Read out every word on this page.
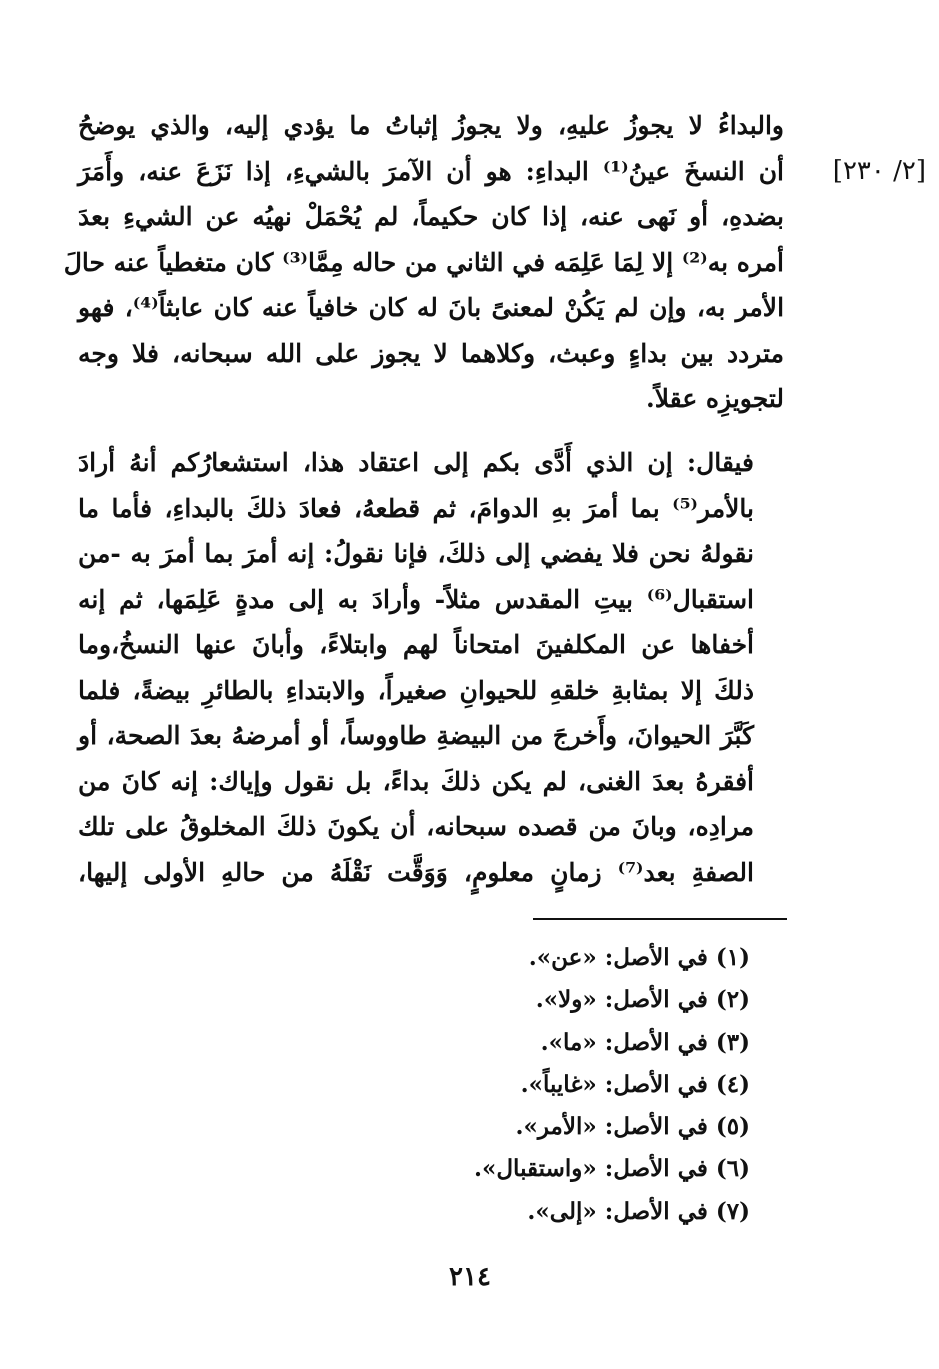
[٢/ ٢٣٠]
والبداءُ لا يجوزُ عليهِ، ولا يجوزُ إثباتُ ما يؤدي إليه، والذي يوضحُ
أن النسخَ عينُ⁽¹⁾ البداءِ: هو أن الآمرَ بالشيءِ، إذا نَزَعَ عنه، وأَمَرَ
بضدهِ، أو نَهى عنه، إذا كان حكيماً، لم يُحْمَلْ نهيُه عن الشيءِ بعدَ
أمره به⁽²⁾ إلا لِمَا عَلِمَه في الثاني من حاله مِمَّا⁽³⁾ كان متغطياً عنه حالَ
الأمر به، وإن لم يَكُنْ لمعنىً بانَ له كان خافياً عنه كان عابثاً⁽⁴⁾، فهو
متردد بين بداءٍ وعبث، وكلاهما لا يجوز على الله سبحانه، فلا وجه
لتجويزِه عقلاً.
فيقال: إن الذي أَدَّى بكم إلى اعتقاد هذا، استشعارُكم أنهُ أرادَ
بالأمر⁽⁵⁾ بما أمرَ بهِ الدوامَ، ثم قطعهُ، فعادَ ذلكَ بالبداءِ، فأما ما
نقولهُ نحن فلا يفضي إلى ذلكَ، فإنا نقولُ: إنه أمرَ بما أمرَ به -من
استقبال⁽⁶⁾ بيتِ المقدس مثلاً- وأرادَ به إلى مدةٍ عَلِمَها، ثم إنه
أخفاها عن المكلفينَ امتحاناً لهم وابتلاءً، وأبانَ عنها النسخُ،وما
ذلكَ إلا بمثابةِ خلقهِ للحيوانِ صغيراً، والابتداءِ بالطائرِ بيضةً، فلما
كَبَّرَ الحيوانَ، وأَخرجَ من البيضةِ طاووساً، أو أمرضهُ بعدَ الصحة، أو
أفقرهُ بعدَ الغنى، لم يكن ذلكَ بداءً، بل نقول وإياك: إنه كانَ من
مرادِه، وبانَ من قصده سبحانه، أن يكونَ ذلكَ المخلوقُ على تلك
الصفةِ بعد⁽⁷⁾ زمانٍ معلومٍ، وَوَقَّت نَقْلَهُ من حالهِ الأولى إليها،
(١) في الأصل: «عن».
(٢) في الأصل: «ولا».
(٣) في الأصل: «ما».
(٤) في الأصل: «غايباً».
(٥) في الأصل: «الأمر».
(٦) في الأصل: «واستقبال».
(٧) في الأصل: «إلى».
٢١٤
